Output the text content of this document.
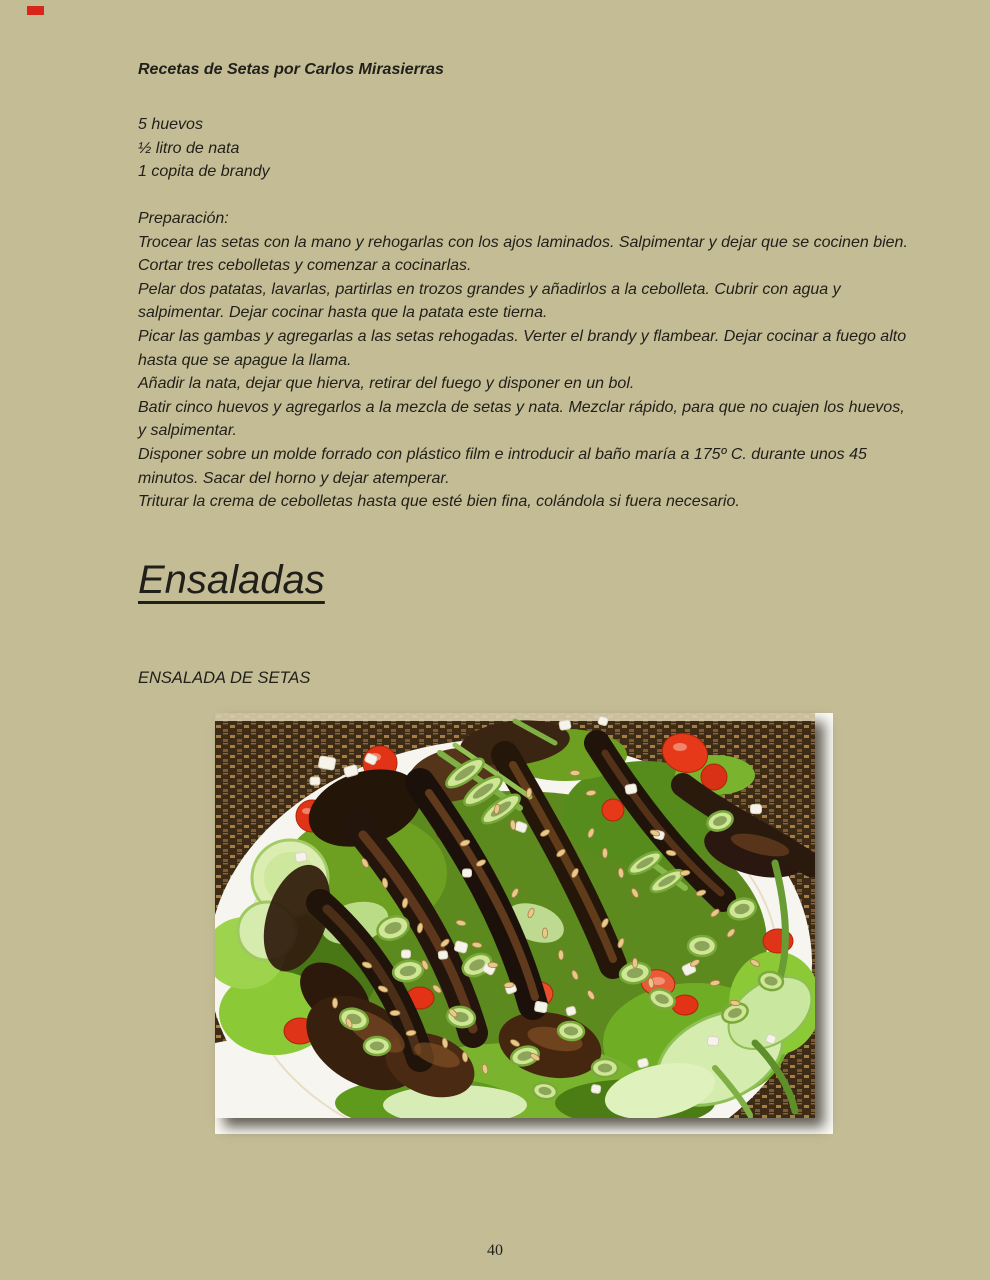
Recetas de Setas por Carlos Mirasierras

5 huevos

½ litro de nata

1 copita de brandy

Preparación:

Trocear las setas con la mano y rehogarlas con los ajos laminados. Salpimentar y dejar que se cocinen bien.

Cortar tres cebolletas y comenzar a cocinarlas.

Pelar dos patatas, lavarlas, partirlas en trozos grandes y añadirlos a la cebolleta. Cubrir con agua y salpimentar. Dejar cocinar hasta que la patata este tierna.

Picar las gambas y agregarlas a las setas rehogadas. Verter el brandy y flambear. Dejar cocinar a fuego alto hasta que se apague la llama.

Añadir la nata, dejar que hierva, retirar del fuego y disponer en un bol.

Batir cinco huevos y agregarlos a la mezcla de setas y nata. Mezclar rápido, para que no cuajen los huevos, y salpimentar.

Disponer sobre un molde forrado con plástico film e introducir al baño maría a 175º C. durante unos 45 minutos. Sacar del horno y dejar atemperar.

Triturar la crema de cebolletas hasta que esté bien fina, colándola si fuera necesario.

Ensaladas
ENSALADA DE SETAS
40
